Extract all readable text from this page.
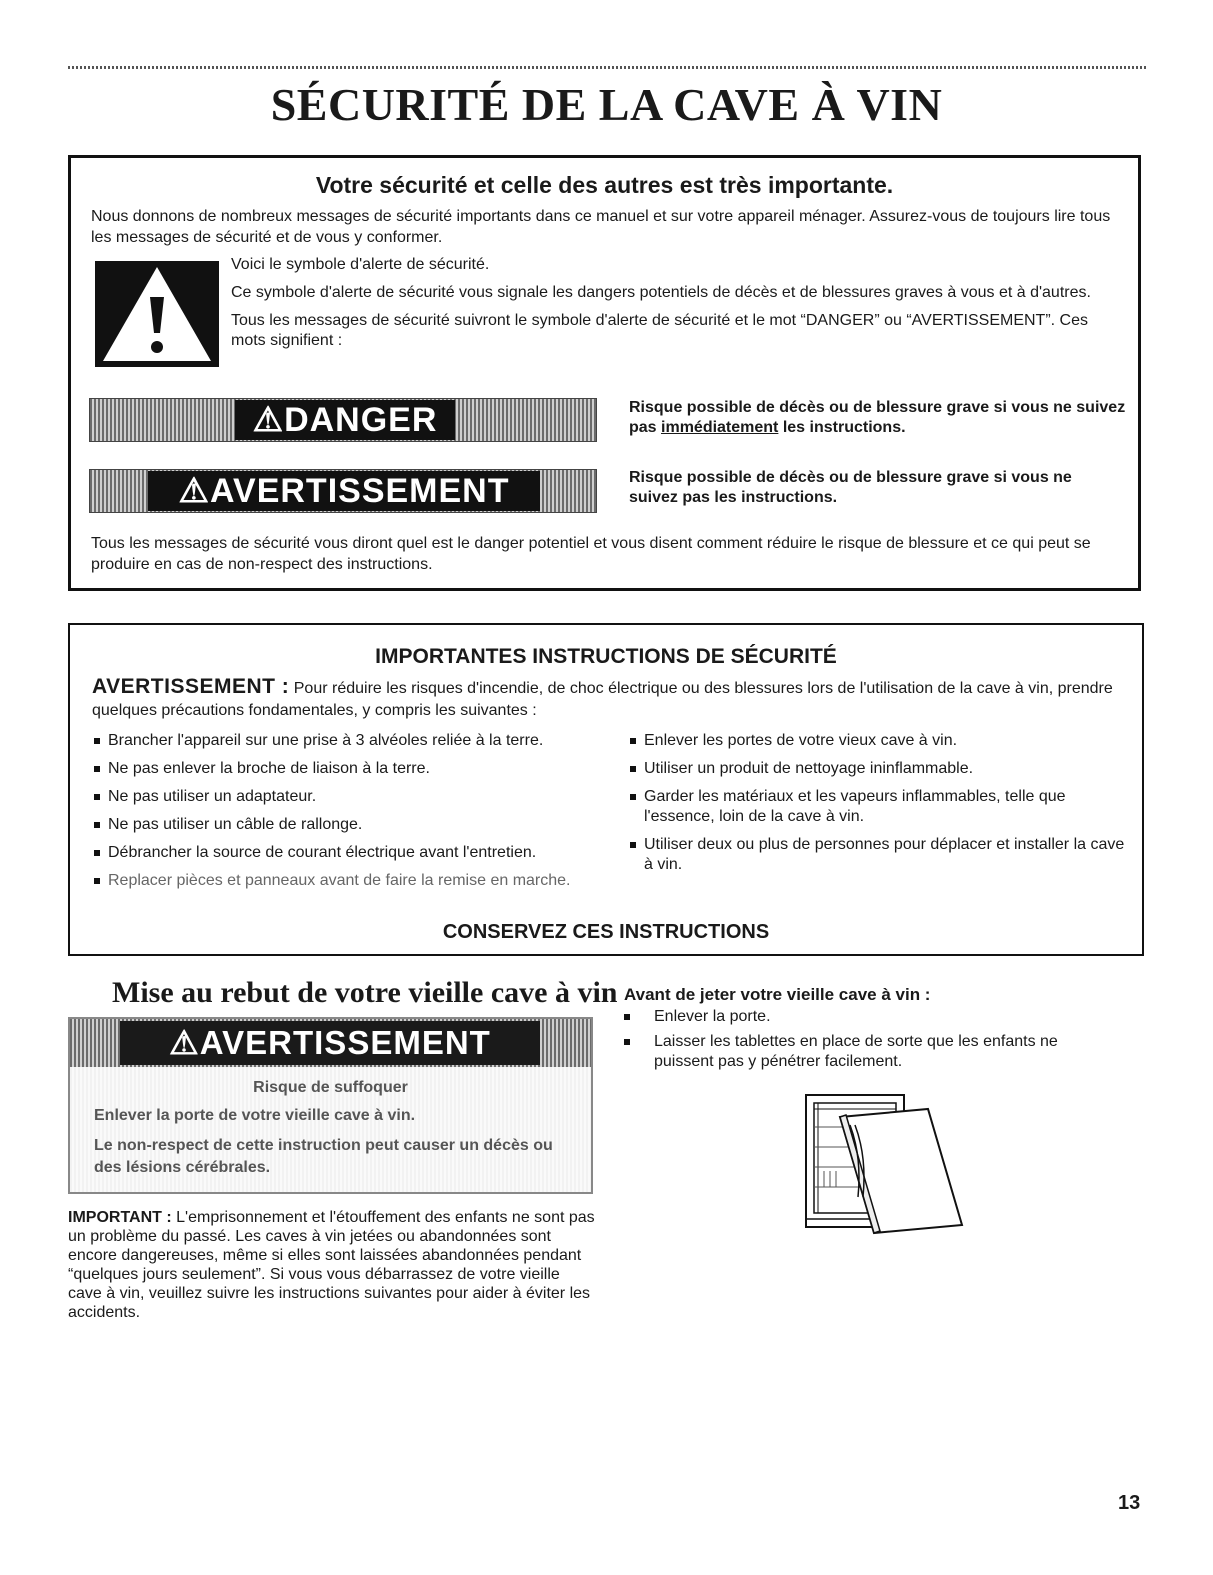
SÉCURITÉ DE LA CAVE À VIN
Votre sécurité et celle des autres est très importante.

Nous donnons de nombreux messages de sécurité importants dans ce manuel et sur votre appareil ménager. Assurez-vous de toujours lire tous les messages de sécurité et de vous y conformer.

Voici le symbole d'alerte de sécurité.

Ce symbole d'alerte de sécurité vous signale les dangers potentiels de décès et de blessures graves à vous et à d'autres.

Tous les messages de sécurité suivront le symbole d'alerte de sécurité et le mot “DANGER” ou “AVERTISSEMENT”. Ces mots signifient :

⚠DANGER	Risque possible de décès ou de blessure grave si vous ne suivez pas immédiatement les instructions.
⚠AVERTISSEMENT	Risque possible de décès ou de blessure grave si vous ne suivez pas les instructions.

Tous les messages de sécurité vous diront quel est le danger potentiel et vous disent comment réduire le risque de blessure et ce qui peut se produire en cas de non-respect des instructions.

IMPORTANTES INSTRUCTIONS DE SÉCURITÉ

AVERTISSEMENT : Pour réduire les risques d'incendie, de choc électrique ou des blessures lors de l'utilisation de la cave à vin, prendre quelques précautions fondamentales, y compris les suivantes :

Brancher l'appareil sur une prise à 3 alvéoles reliée à la terre.
Ne pas enlever la broche de liaison à la terre.
Ne pas utiliser un adaptateur.
Ne pas utiliser un câble de rallonge.
Débrancher la source de courant électrique avant l'entretien.
Replacer pièces et panneaux avant de faire la remise en marche.
Enlever les portes de votre vieux cave à vin.
Utiliser un produit de nettoyage ininflammable.
Garder les matériaux et les vapeurs inflammables, telle que l'essence, loin de la cave à vin.
Utiliser deux ou plus de personnes pour déplacer et installer la cave à vin.

CONSERVEZ CES INSTRUCTIONS

Mise au rebut de votre vieille cave à vin
⚠AVERTISSEMENT

Risque de suffoquer

Enlever la porte de votre vieille cave à vin.

Le non-respect de cette instruction peut causer un décès ou des lésions cérébrales.

IMPORTANT : L'emprisonnement et l'étouffement des enfants ne sont pas un problème du passé. Les caves à vin jetées ou abandonnées sont encore dangereuses, même si elles sont laissées abandonnées pendant “quelques jours seulement”. Si vous vous débarrassez de votre vieille cave à vin, veuillez suivre les instructions suivantes pour aider à éviter les accidents.

Avant de jeter votre vieille cave à vin :
Enlever la porte.
Laisser les tablettes en place de sorte que les enfants ne puissent pas y pénétrer facilement.

13
